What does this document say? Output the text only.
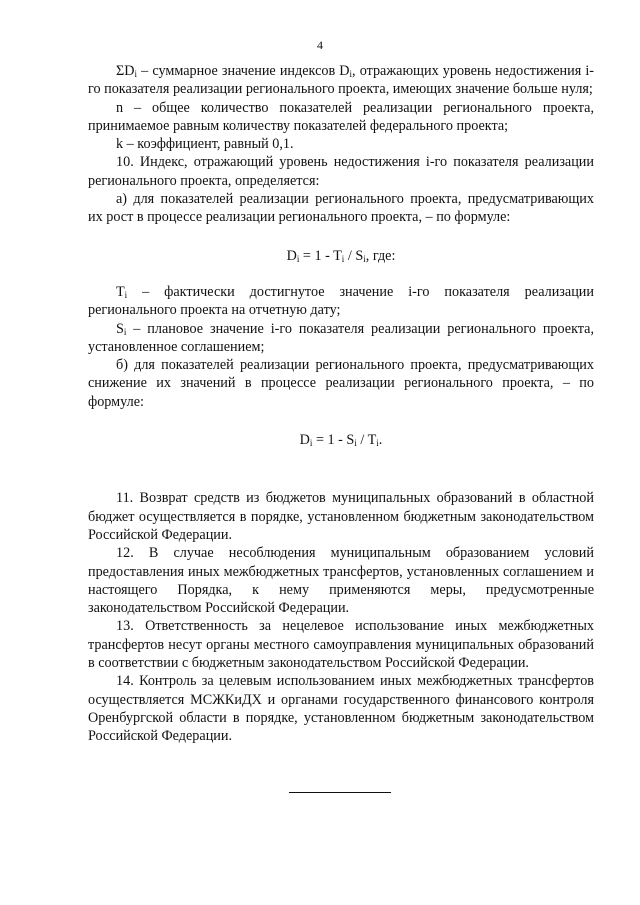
4

$\Sigma D_i$ – суммарное значение индексов $D_i$, отражающих уровень недостижения i-го показателя реализации регионального проекта, имеющих значение больше нуля;

n – общее количество показателей реализации регионального проекта, принимаемое равным количеству показателей федерального проекта;

k – коэффициент, равный 0,1.

10. Индекс, отражающий уровень недостижения i-го показателя реализации регионального проекта, определяется:

а) для показателей реализации регионального проекта, предусматривающих их рост в процессе реализации регионального проекта, – по формуле:

$D_i = 1 - T_i / S_i$, где:

$T_i$ – фактически достигнутое значение i-го показателя реализации регионального проекта на отчетную дату;

$S_i$ – плановое значение i-го показателя реализации регионального проекта, установленное соглашением;

б) для показателей реализации регионального проекта, предусматривающих снижение их значений в процессе реализации регионального проекта, – по формуле:

$D_i = 1 - S_i / T_i$.

11. Возврат средств из бюджетов муниципальных образований в областной бюджет осуществляется в порядке, установленном бюджетным законодательством Российской Федерации.

12. В случае несоблюдения муниципальным образованием условий предоставления иных межбюджетных трансфертов, установленных соглашением и настоящего Порядка, к нему применяются меры, предусмотренные законодательством Российской Федерации.

13. Ответственность за нецелевое использование иных межбюджетных трансфертов несут органы местного самоуправления муниципальных образований в соответствии с бюджетным законодательством Российской Федерации.

14. Контроль за целевым использованием иных межбюджетных трансфертов осуществляется МСЖКиДХ и органами государственного финансового контроля Оренбургской области в порядке, установленном бюджетным законодательством Российской Федерации.
